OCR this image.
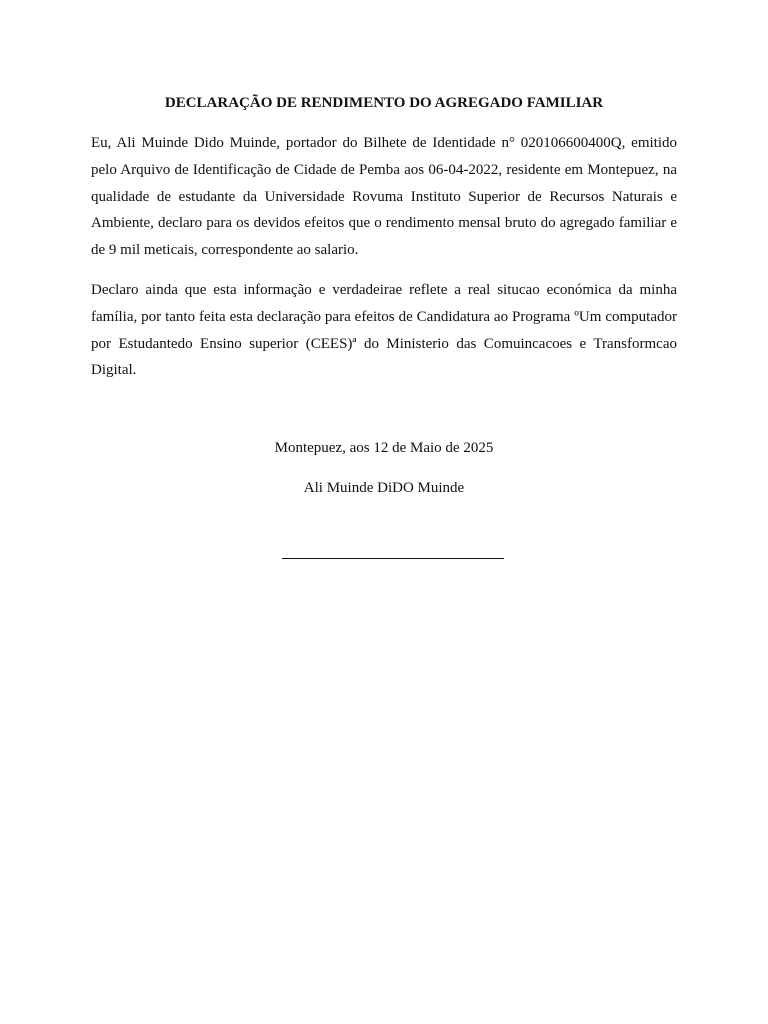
DECLARAÇÃO DE RENDIMENTO DO AGREGADO FAMILIAR

Eu, Ali Muinde Dido Muinde, portador do Bilhete de Identidade n° 020106600400Q, emitido pelo Arquivo de Identificação de Cidade de Pemba aos 06-04-2022, residente em Montepuez, na qualidade de estudante da Universidade Rovuma Instituto Superior de Recursos Naturais e Ambiente, declaro para os devidos efeitos que o rendimento mensal bruto do agregado familiar e de 9 mil meticais, correspondente ao salario.

Declaro ainda que esta informação e verdadeirae reflete a real situcao económica da minha família, por tanto feita esta declaração para efeitos de Candidatura ao Programa ºUm computador por Estudantedo Ensino superior (CEES)ª do Ministerio das Comuincacoes e Transformcao Digital.

Montepuez, aos 12 de Maio de 2025

Ali Muinde DiDO Muinde
